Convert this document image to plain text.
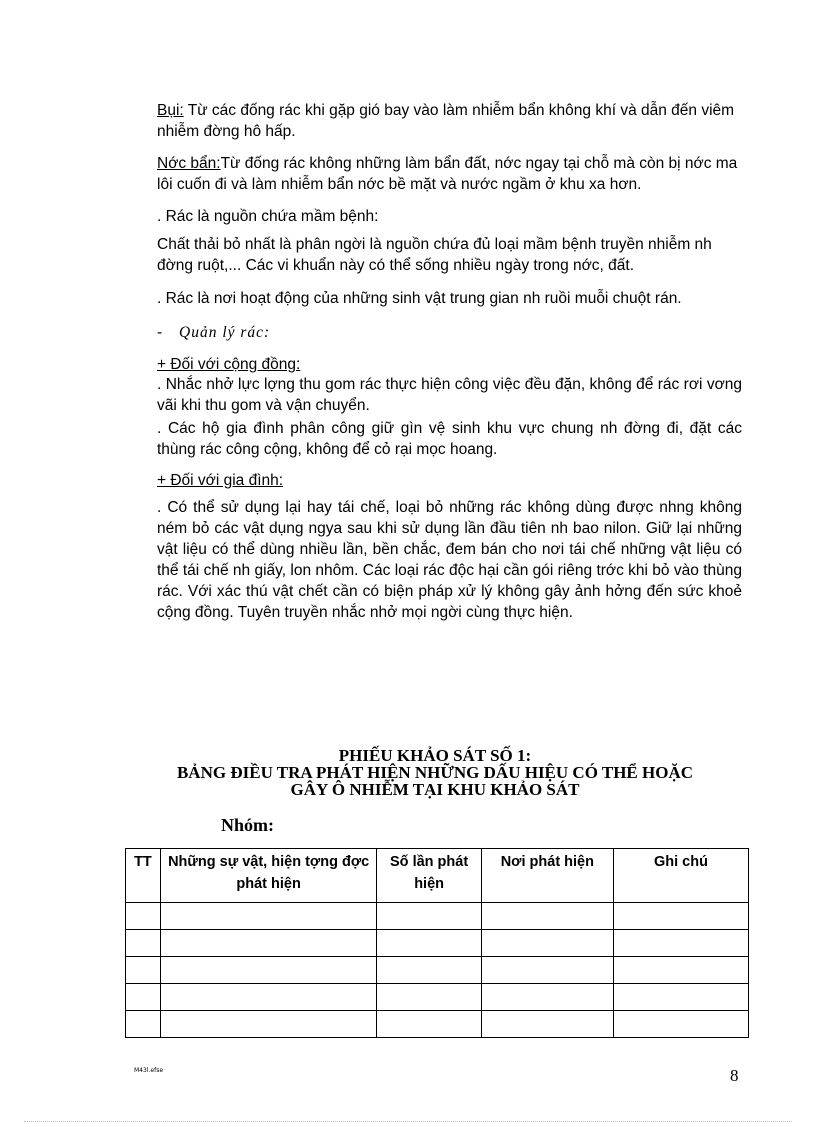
Bụi: Từ các đống rác khi gặp gió bay vào làm nhiễm bẩn không khí và dẫn đến viêm nhiễm đờng hô hấp.
Nớc bẩn:Từ đống rác không những làm bẩn đất, nớc ngay tại chỗ mà còn bị nớc ma lôi cuốn đi và làm nhiễm bẩn nớc bề mặt và nước ngầm ở khu xa hơn.
. Rác là nguồn chứa mầm bệnh:
Chất thải bỏ nhất là phân ngời là nguồn chứa đủ loại mầm bệnh truyền nhiễm nh đờng ruột,... Các vi khuẩn này có thể sống nhiều ngày trong nớc, đất.
. Rác là nơi hoạt động của những sinh vật trung gian nh ruồi muỗi chuột rán.
- Quản lý rác:
+ Đối với cộng đồng:
. Nhắc nhở lực lợng thu gom rác thực hiện công việc đều đặn, không để rác rơi vơng vãi khi thu gom và vận chuyển.
. Các hộ gia đình phân công giữ gìn vệ sinh khu vực chung nh đờng đi, đặt các thùng rác công cộng, không để cỏ rại mọc hoang.
+ Đối với gia đình:
. Có thể sử dụng lại hay tái chế, loại bỏ những rác không dùng được nhng không ném bỏ các vật dụng ngya sau khi sử dụng lần đầu tiên nh bao nilon. Giữ lại những vật liệu có thể dùng nhiều lần, bền chắc, đem bán cho nơi tái chế những vật liệu có thể tái chế nh giấy, lon nhôm. Các loại rác độc hại cần gói riêng trớc khi bỏ vào thùng rác. Với xác thú vật chết cần có biện pháp xử lý không gây ảnh hởng đến sức khoẻ cộng đồng. Tuyên truyền nhắc nhở mọi ngời cùng thực hiện.
PHIẾU KHẢO SÁT SỐ 1:
BẢNG ĐIỀU TRA PHÁT HIỆN NHỮNG DẤU HIỆU CÓ THỂ HOẶC
GÂY Ô NHIỄM TẠI KHU KHẢO SÁT
Nhóm:
TT	Những sự vật, hiện tợng đợc phát hiện	Số lần phát hiện	Nơi phát hiện	Ghi chú

M43l.efse	8
